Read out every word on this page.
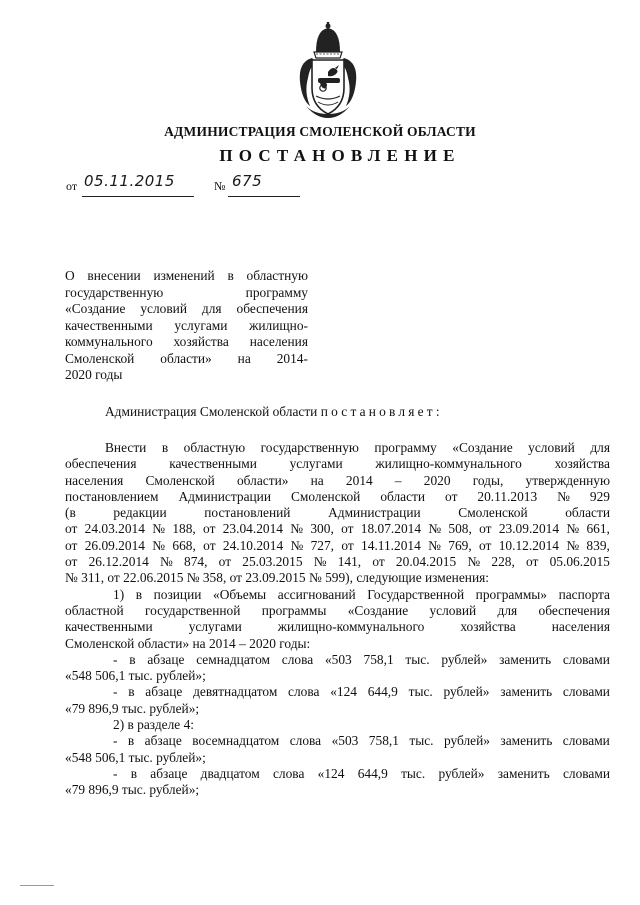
АДМИНИСТРАЦИЯ СМОЛЕНСКОЙ ОБЛАСТИ
ПОСТАНОВЛЕНИЕ
от 05.11.2015	№ 675
О внесении изменений в областную
государственную	программу
«Создание условий для обеспечения
качественными услугами жилищно-
коммунального хозяйства населения
Смоленской области» на 2014-
2020 годы
Администрация Смоленской области постановляет:
Внести в областную государственную программу «Создание условий для
обеспечения качественными услугами жилищно-коммунального хозяйства
населения Смоленской области» на 2014 – 2020 годы, утвержденную
постановлением Администрации Смоленской области от 20.11.2013 № 929
(в	редакции	постановлений	Администрации	Смоленской	области
от 24.03.2014 № 188, от 23.04.2014 № 300, от 18.07.2014 № 508, от 23.09.2014 № 661,
от 26.09.2014 № 668, от 24.10.2014 № 727, от 14.11.2014 № 769, от 10.12.2014 № 839,
от 26.12.2014 № 874, от 25.03.2015 № 141, от 20.04.2015 № 228, от 05.06.2015
№ 311, от 22.06.2015 № 358, от 23.09.2015 № 599), следующие изменения:
1) в позиции «Объемы ассигнований Государственной программы» паспорта
областной государственной программы «Создание условий для обеспечения
качественными	услугами	жилищно-коммунального	хозяйства	населения
Смоленской области» на 2014 – 2020 годы:
- в абзаце семнадцатом слова «503 758,1 тыс. рублей» заменить словами
«548 506,1 тыс. рублей»;
- в абзаце девятнадцатом слова «124 644,9 тыс. рублей» заменить словами
«79 896,9 тыс. рублей»;
2) в разделе 4:
- в абзаце восемнадцатом слова «503 758,1 тыс. рублей» заменить словами
«548 506,1 тыс. рублей»;
- в абзаце двадцатом слова «124 644,9 тыс. рублей» заменить словами
«79 896,9 тыс. рублей»;
